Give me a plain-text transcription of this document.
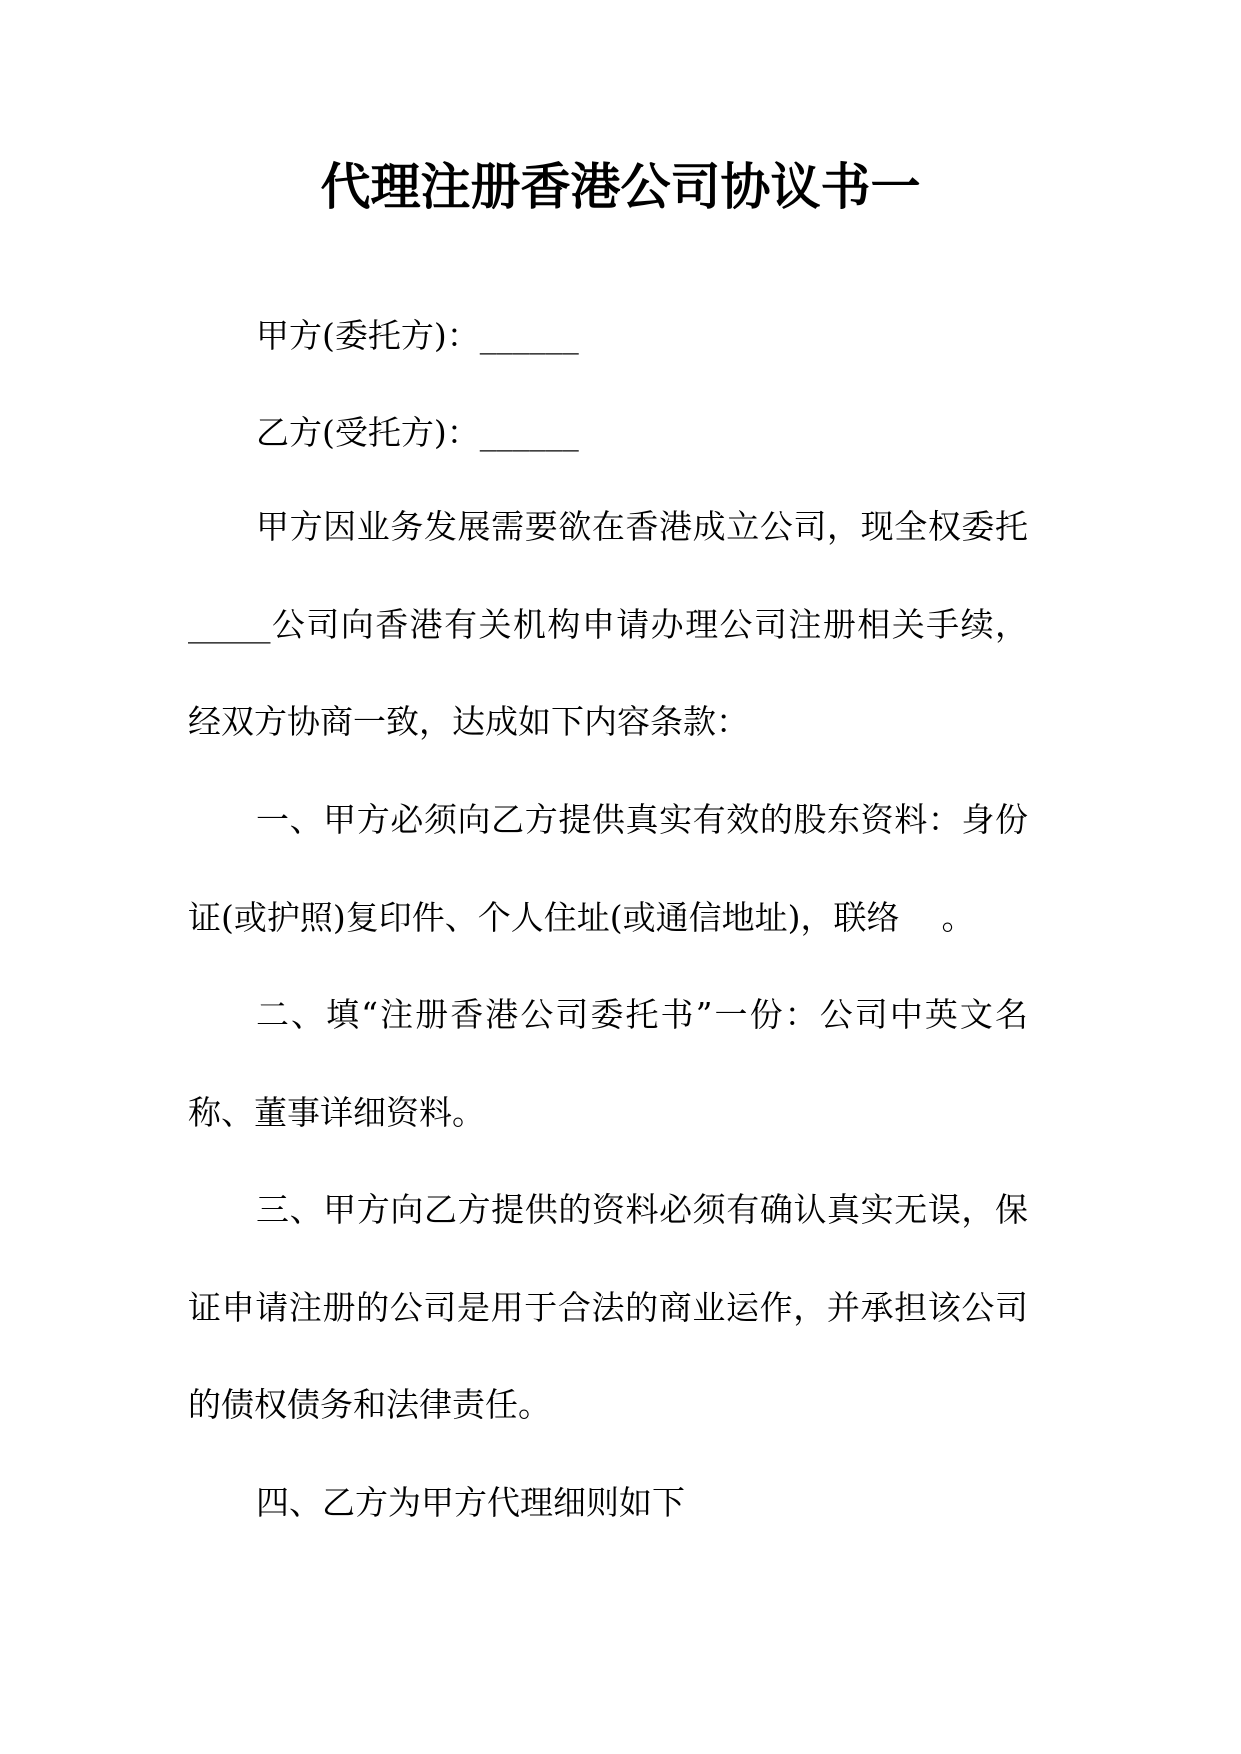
代理注册香港公司协议书一
甲方(委托方)：______
乙方(受托方)：______
甲方因业务发展需要欲在香港成立公司，现全权委托
_____公司向香港有关机构申请办理公司注册相关手续，
经双方协商一致，达成如下内容条款：
一、甲方必须向乙方提供真实有效的股东资料：身份
证(或护照)复印件、个人住址(或通信地址)，联络    。
二、填“注册香港公司委托书”一份：公司中英文名
称、董事详细资料。
三、甲方向乙方提供的资料必须有确认真实无误，保
证申请注册的公司是用于合法的商业运作，并承担该公司
的债权债务和法律责任。
四、乙方为甲方代理细则如下
